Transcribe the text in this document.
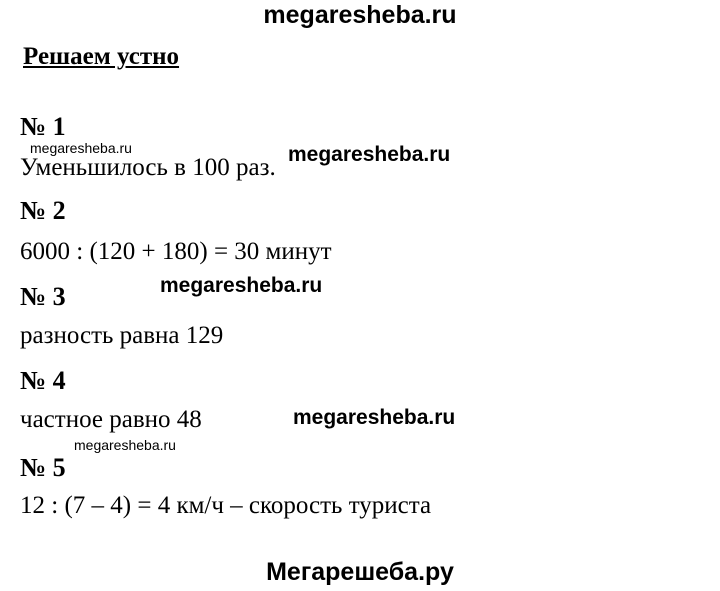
megaresheba.ru
Решаем устно
№ 1
megaresheba.ru
Уменьшилось в 100 раз. megaresheba.ru
№ 2
6000 : (120 + 180) = 30 минут
№ 3	megaresheba.ru
разность равна 129
№ 4
частное равно 48	megaresheba.ru
megaresheba.ru
№ 5
12 : (7 – 4) = 4 км/ч – скорость туриста
Мегарешеба.ру
